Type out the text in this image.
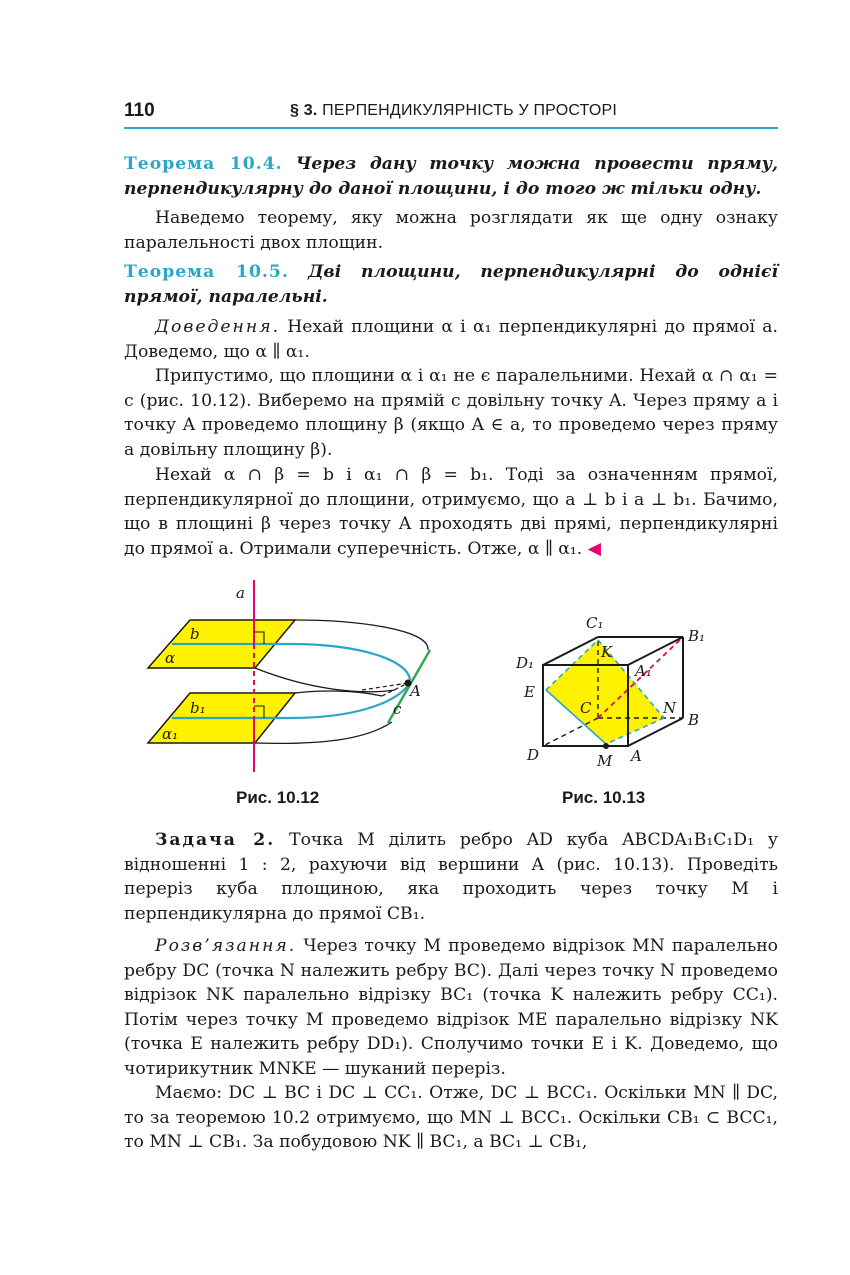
110	§ 3. ПЕРПЕНДИКУЛЯРНІСТЬ У ПРОСТОРІ
Теорема 10.4. Через дану точку можна провести пряму, перпендикулярну до даної площини, і до того ж тільки одну.
Наведемо теорему, яку можна розглядати як ще одну ознаку паралельності двох площин.
Теорема 10.5. Дві площини, перпендикулярні до однієї прямої, паралельні.
Доведення. Нехай площини α і α₁ перпендикулярні до прямої a. Доведемо, що α ∥ α₁.
Припустимо, що площини α і α₁ не є паралельними. Нехай α ∩ α₁ = c (рис. 10.12). Виберемо на прямій c довільну точку A. Через пряму a і точку A проведемо площину β (якщо A ∈ a, то проведемо через пряму a довільну площину β).
Нехай α ∩ β = b і α₁ ∩ β = b₁. Тоді за означенням прямої, перпендикулярної до площини, отримуємо, що a ⊥ b і a ⊥ b₁. Бачимо, що в площині β через точку A проходять дві прямі, перпендикулярні до прямої a. Отримали суперечність. Отже, α ∥ α₁. ◀
a
b
α
b₁
α₁
A
c
Рис. 10.12
C₁
B₁
D₁
K
A₁
E
C	N
B
D	M A
Рис. 10.13
Задача 2. Точка M ділить ребро AD куба ABCDA₁B₁C₁D₁ у відношенні 1 : 2, рахуючи від вершини A (рис. 10.13). Проведіть переріз куба площиною, яка проходить через точку M і перпендикулярна до прямої CB₁.
Розв’язання. Через точку M проведемо відрізок MN паралельно ребру DC (точка N належить ребру BC). Далі через точку N проведемо відрізок NK паралельно відрізку BC₁ (точка K належить ребру CC₁). Потім через точку M проведемо відрізок ME паралельно відрізку NK (точка E належить ребру DD₁). Сполучимо точки E і K. Доведемо, що чотирикутник MNKE — шуканий переріз.
Маємо: DC ⊥ BC і DC ⊥ CC₁. Отже, DC ⊥ BCC₁. Оскільки MN ∥ DC, то за теоремою 10.2 отримуємо, що MN ⊥ BCC₁. Оскільки CB₁ ⊂ BCC₁, то MN ⊥ CB₁. За побудовою NK ∥ BC₁, а BC₁ ⊥ CB₁,
